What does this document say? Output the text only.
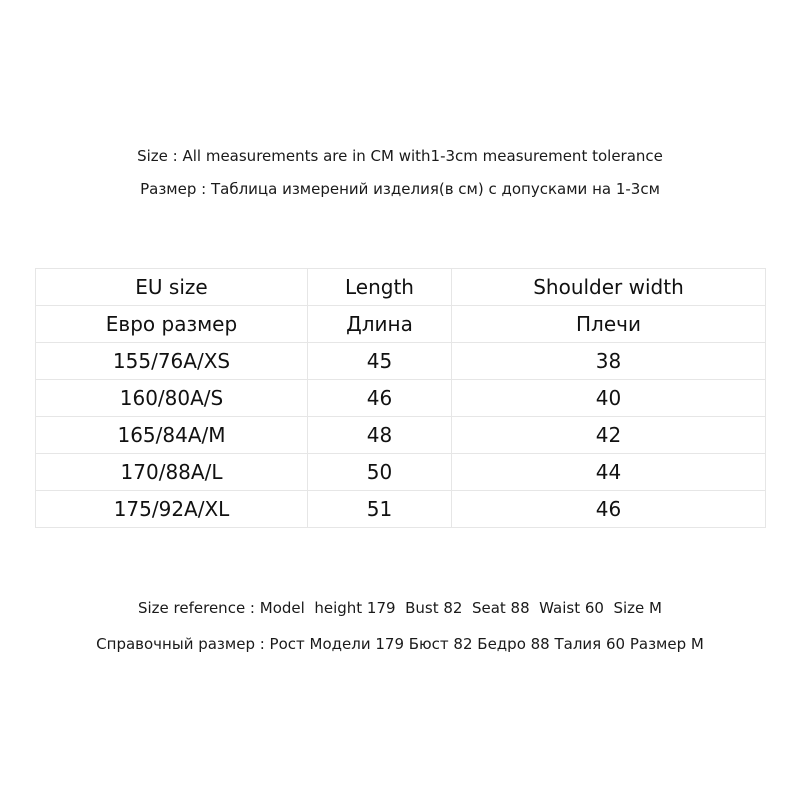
Size : All measurements are in CM with1-3cm measurement tolerance
Размер : Таблица измерений изделия(в см) с допусками на 1-3см
EU size	Length	Shoulder width
Евро размер	Длина	Плечи
155/76A/XS	45	38
160/80A/S	46	40
165/84A/M	48	42
170/88A/L	50	44
175/92A/XL	51	46
Size reference : Model  height 179  Bust 82  Seat 88  Waist 60  Size M
Справочный размер : Рост Модели 179 Бюст 82 Бедро 88 Талия 60 Размер M
